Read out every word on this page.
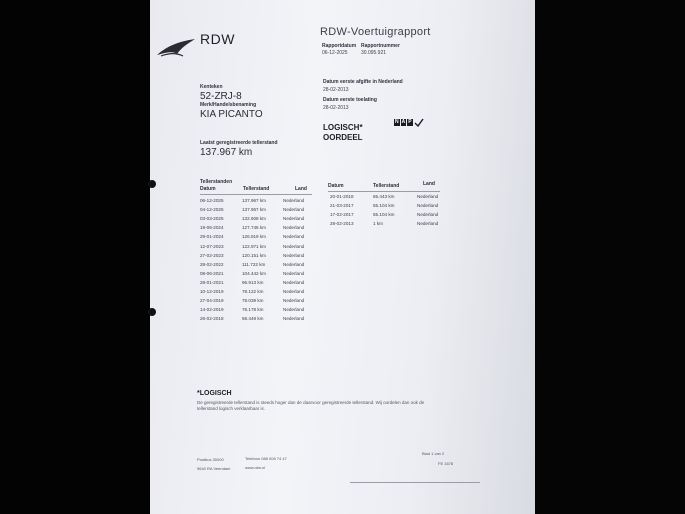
RDW	RDW-Voertuigrapport
Rapportdatum
06-12-2025
Rapportnummer
30.095.921
Kenteken
52-ZRJ-8
Merk/Handelsbenaming
KIA PICANTO
Laatst geregistreerde tellerstand
137.967 km
Datum eerste afgifte in Nederland
28-02-2013
Datum eerste toelating
28-02-2013
LOGISCH*
OORDEEL
N A P
Tellerstanden
Datum	Tellerstand	Land	Datum	Tellerstand	Land
06-12-2025	137.967 km	Nederland
04-12-2025	137.967 km	Nederland
03-03-2025	132.608 km	Nederland
19-06-2024	127.746 km	Nederland
29-01-2024	126.919 km	Nederland
12-07-2023	122.971 km	Nederland
27-02-2023	120.151 km	Nederland
28-02-2022	111.722 km	Nederland
08-06-2021	104.442 km	Nederland
28-01-2021	96.913 km	Nederland
10-12-2019	78.122 km	Nederland
27-04-2019	78.039 km	Nederland
14-02-2019	76.178 km	Nederland
26-02-2018	68.449 km	Nederland
20-01-2018	65.443 km	Nederland
21-03-2017	55.104 km	Nederland
17-02-2017	55.104 km	Nederland
28-02-2013	1 km	Nederland
*LOGISCH
De geregistreerde tellerstand is steeds hoger dan de daarvoor geregistreerde tellerstand. Wij oordelen dan ook de tellerstand logisch verklaarbaar is.
Postbus 30000	Telefoon 088 008 74 47
9640 RA Veendam	www.rdw.nl
Blad 1 van 2
FE 1678
